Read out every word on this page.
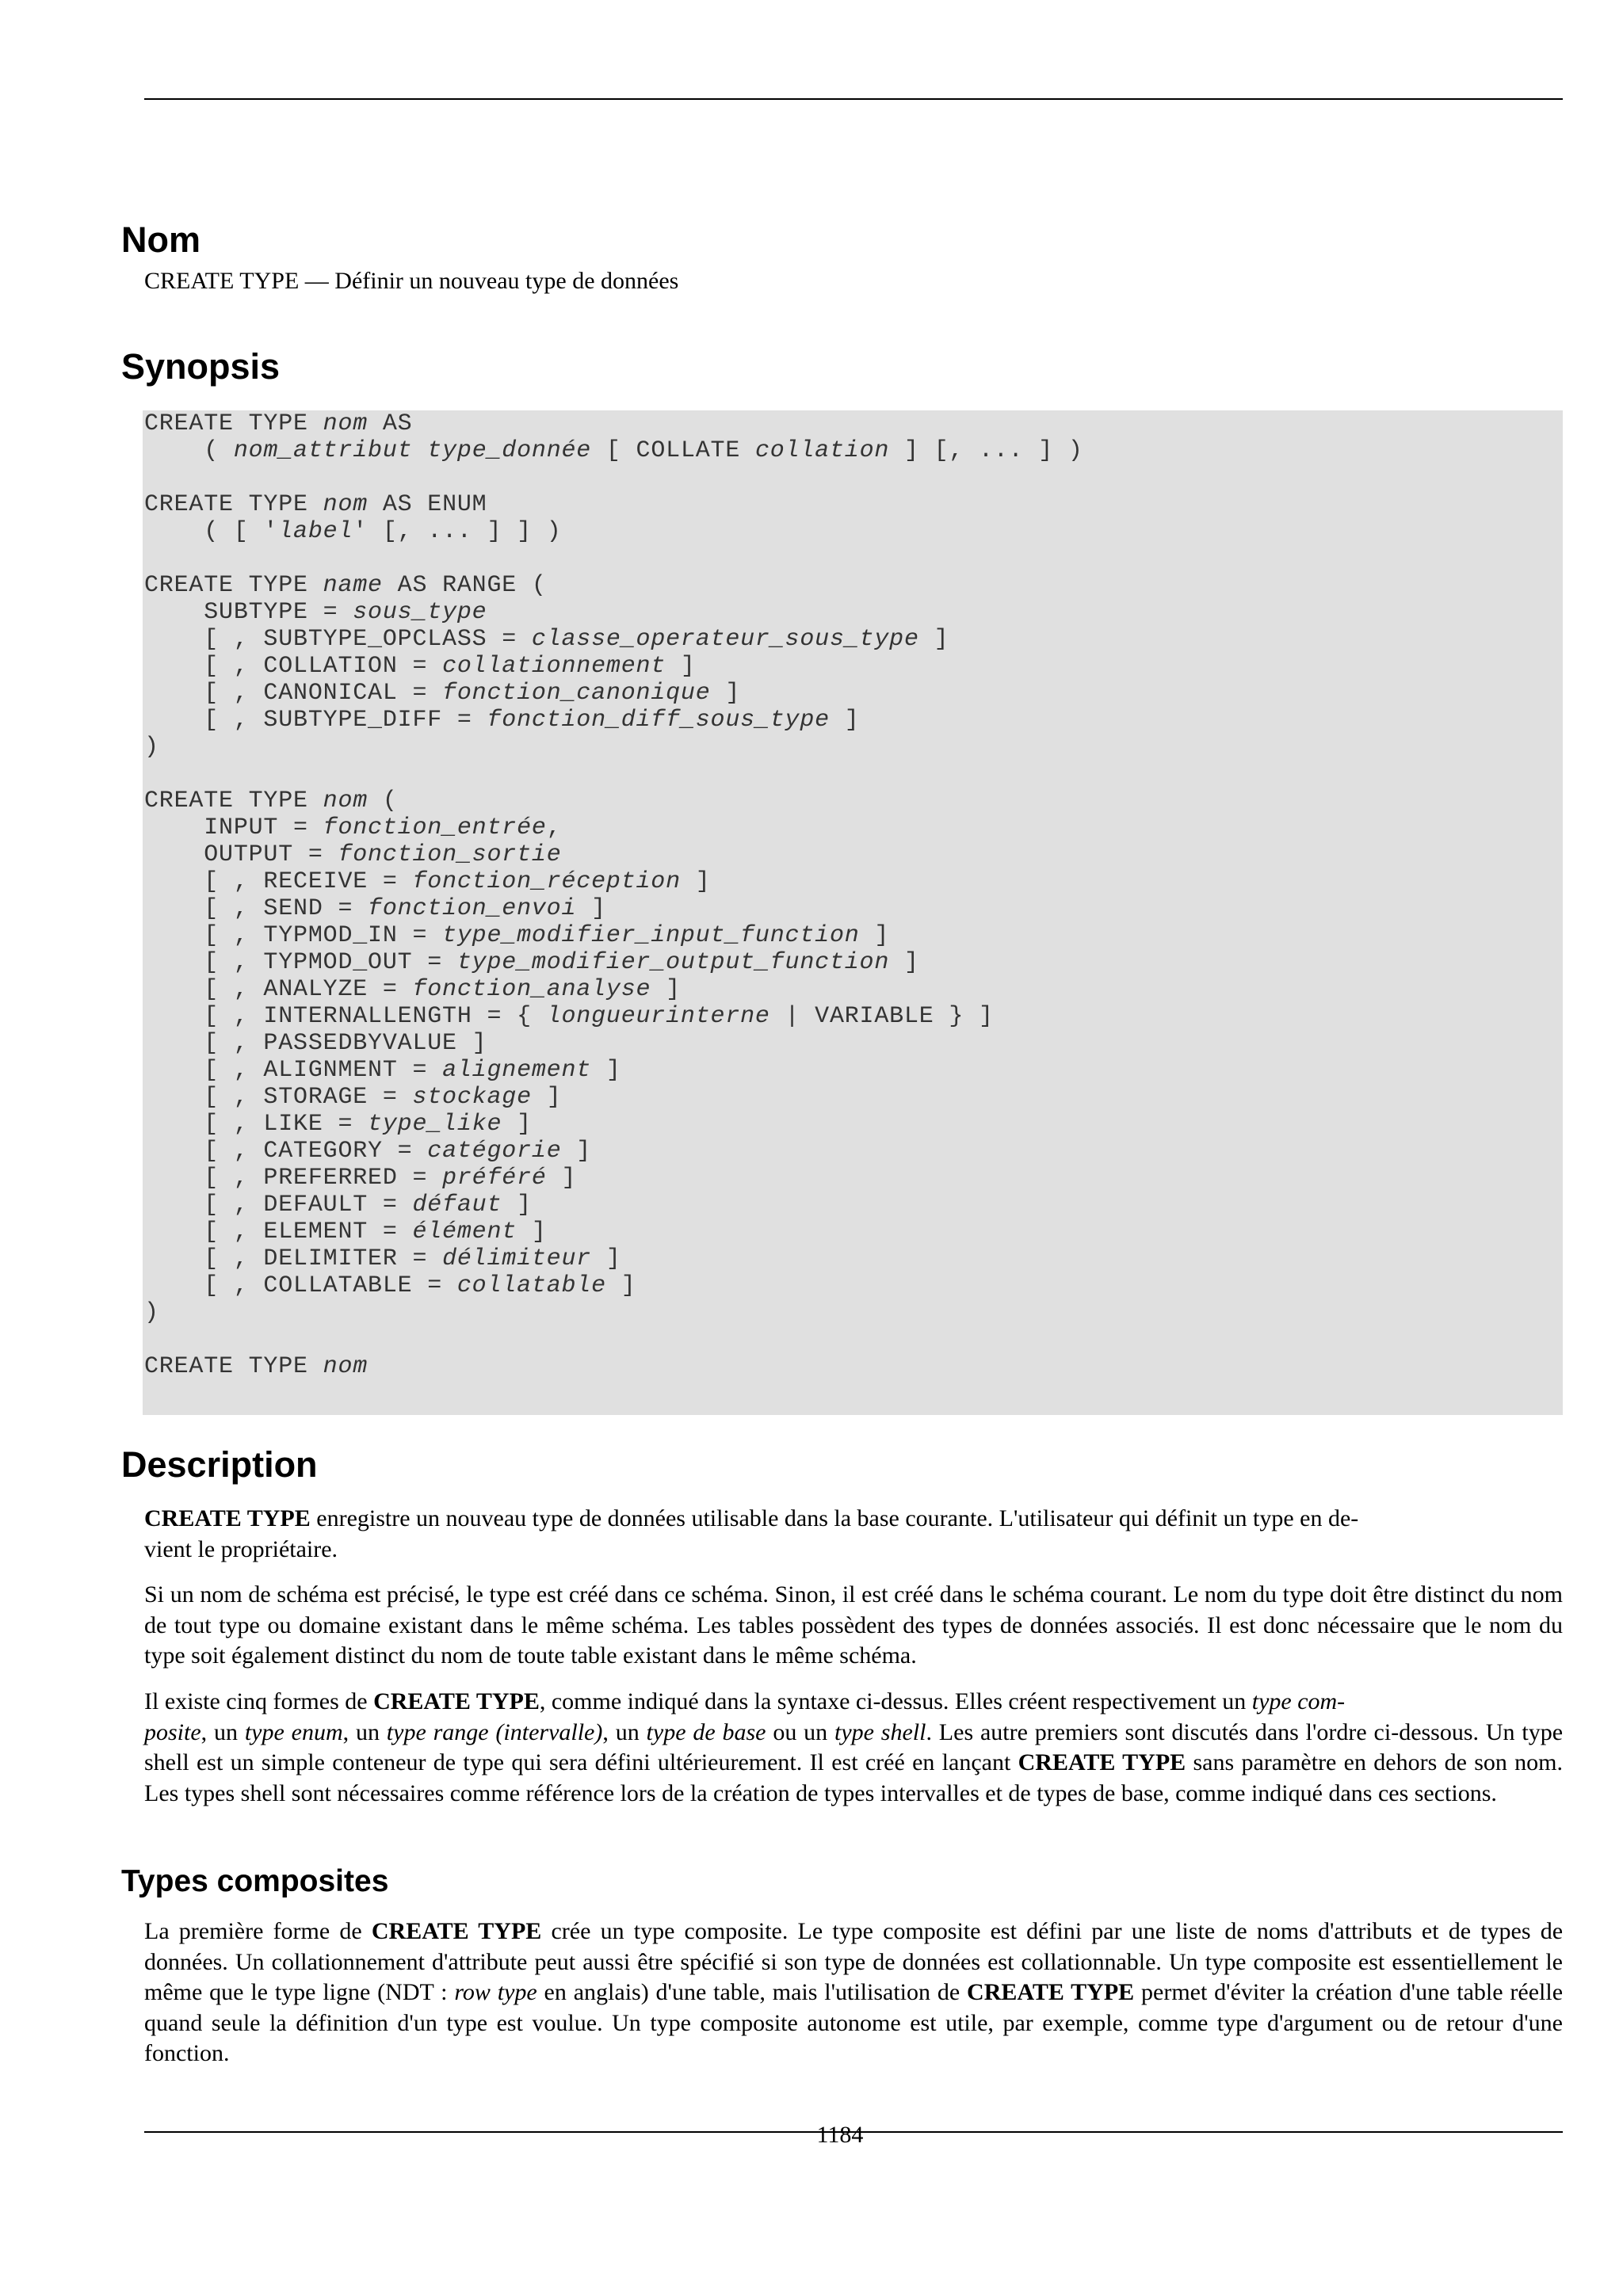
Nom

CREATE TYPE — Définir un nouveau type de données

Synopsis
CREATE TYPE nom AS
( nom_attribut type_donnée [ COLLATE collation ] [, ... ] )

CREATE TYPE nom AS ENUM
( [ 'label' [, ... ] ] )

CREATE TYPE name AS RANGE (
SUBTYPE = sous_type
[ , SUBTYPE_OPCLASS = classe_operateur_sous_type ]
[ , COLLATION = collationnement ]
[ , CANONICAL = fonction_canonique ]
[ , SUBTYPE_DIFF = fonction_diff_sous_type ]
)

CREATE TYPE nom (
INPUT = fonction_entrée,
OUTPUT = fonction_sortie
[ , RECEIVE = fonction_réception ]
[ , SEND = fonction_envoi ]
[ , TYPMOD_IN = type_modifier_input_function ]
[ , TYPMOD_OUT = type_modifier_output_function ]
[ , ANALYZE = fonction_analyse ]
[ , INTERNALLENGTH = { longueurinterne | VARIABLE } ]
[ , PASSEDBYVALUE ]
[ , ALIGNMENT = alignement ]
[ , STORAGE = stockage ]
[ , LIKE = type_like ]
[ , CATEGORY = catégorie ]
[ , PREFERRED = préféré ]
[ , DEFAULT = défaut ]
[ , ELEMENT = élément ]
[ , DELIMITER = délimiteur ]
[ , COLLATABLE = collatable ]
)

CREATE TYPE nom
Description

CREATE TYPE enregistre un nouveau type de données utilisable dans la base courante. L'utilisateur qui définit un type en de-
vient le propriétaire.

Si un nom de schéma est précisé, le type est créé dans ce schéma. Sinon, il est créé dans le schéma courant. Le nom du type doit être distinct du nom de tout type ou domaine existant dans le même schéma. Les tables possèdent des types de données associés. Il est donc nécessaire que le nom du type soit également distinct du nom de toute table existant dans le même schéma.

Il existe cinq formes de CREATE TYPE, comme indiqué dans la syntaxe ci-dessus. Elles créent respectivement un type com-
posite, un type enum, un type range (intervalle), un type de base ou un type shell. Les autre premiers sont discutés dans l'ordre ci-dessous. Un type shell est un simple conteneur de type qui sera défini ultérieurement. Il est créé en lançant CREATE TYPE sans paramètre en dehors de son nom. Les types shell sont nécessaires comme référence lors de la création de types intervalles et de types de base, comme indiqué dans ces sections.

Types composites

La première forme de CREATE TYPE crée un type composite. Le type composite est défini par une liste de noms d'attributs et de types de données. Un collationnement d'attribute peut aussi être spécifié si son type de données est collationnable. Un type composite est essentiellement le même que le type ligne (NDT : row type en anglais) d'une table, mais l'utilisation de CREATE TYPE permet d'éviter la création d'une table réelle quand seule la définition d'un type est voulue. Un type composite autonome est utile, par exemple, comme type d'argument ou de retour d'une fonction.

1184
